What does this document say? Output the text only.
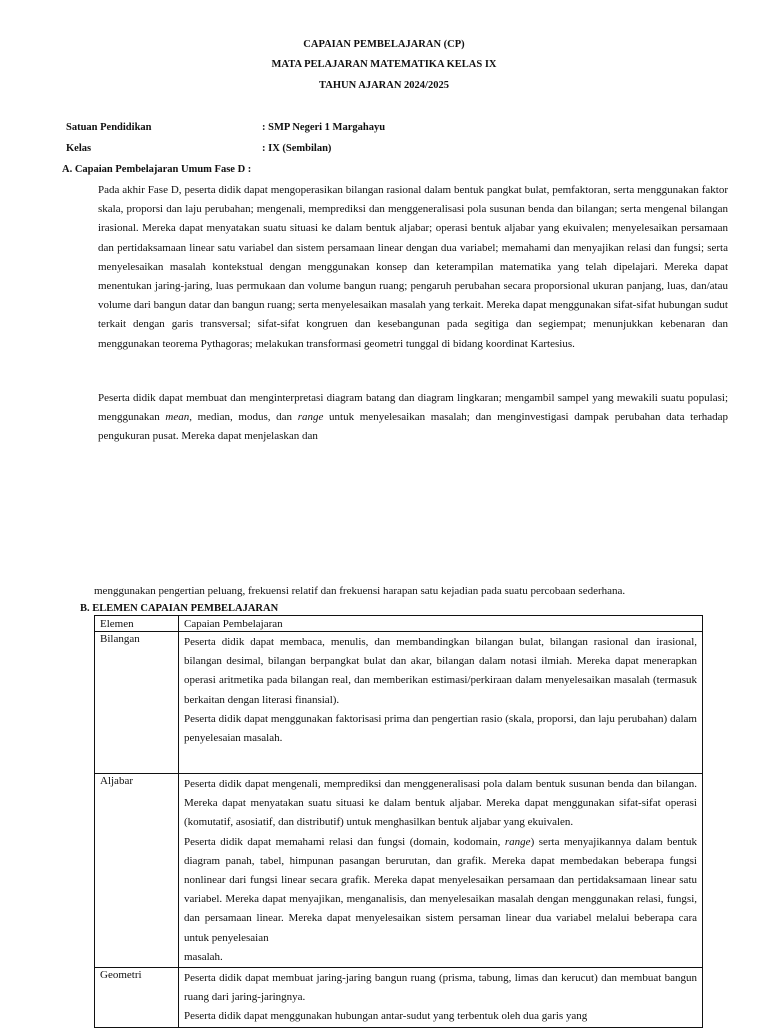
CAPAIAN PEMBELAJARAN (CP)
MATA PELAJARAN MATEMATIKA KELAS IX
TAHUN AJARAN 2024/2025
Satuan Pendidikan	: SMP Negeri 1 Margahayu
Kelas	: IX (Sembilan)
A. Capaian Pembelajaran Umum Fase D :
Pada akhir Fase D, peserta didik dapat mengoperasikan bilangan rasional dalam bentuk pangkat bulat, pemfaktoran, serta menggunakan faktor skala, proporsi dan laju perubahan; mengenali, memprediksi dan menggeneralisasi pola susunan benda dan bilangan; serta mengenal bilangan irasional. Mereka dapat menyatakan suatu situasi ke dalam bentuk aljabar; operasi bentuk aljabar yang ekuivalen; menyelesaikan persamaan dan pertidaksamaan linear satu variabel dan sistem persamaan linear dengan dua variabel; memahami dan menyajikan relasi dan fungsi; serta menyelesaikan masalah kontekstual dengan menggunakan konsep dan keterampilan matematika yang telah dipelajari. Mereka dapat menentukan jaring-jaring, luas permukaan dan volume bangun ruang; pengaruh perubahan secara proporsional ukuran panjang, luas, dan/atau volume dari bangun datar dan bangun ruang; serta menyelesaikan masalah yang terkait. Mereka dapat menggunakan sifat-sifat hubungan sudut terkait dengan garis transversal; sifat-sifat kongruen dan kesebangunan pada segitiga dan segiempat; menunjukkan kebenaran dan menggunakan teorema Pythagoras; melakukan transformasi geometri tunggal di bidang koordinat Kartesius.
Peserta didik dapat membuat dan menginterpretasi diagram batang dan diagram lingkaran; mengambil sampel yang mewakili suatu populasi; menggunakan mean, median, modus, dan range untuk menyelesaikan masalah; dan menginvestigasi dampak perubahan data terhadap pengukuran pusat. Mereka dapat menjelaskan dan
menggunakan pengertian peluang, frekuensi relatif dan frekuensi harapan satu kejadian pada suatu percobaan sederhana.
B. ELEMEN CAPAIAN PEMBELAJARAN
Elemen	Capaian Pembelajaran
Bilangan	Peserta didik dapat membaca, menulis, dan membandingkan bilangan bulat, bilangan rasional dan irasional, bilangan desimal, bilangan berpangkat bulat dan akar, bilangan dalam notasi ilmiah. Mereka dapat menerapkan operasi aritmetika pada bilangan real, dan memberikan estimasi/perkiraan dalam menyelesaikan masalah (termasuk berkaitan dengan literasi finansial).

Peserta didik dapat menggunakan faktorisasi prima dan pengertian rasio (skala, proporsi, dan laju perubahan) dalam penyelesaian masalah.

Aljabar	Peserta didik dapat mengenali, memprediksi dan menggeneralisasi pola dalam bentuk susunan benda dan bilangan. Mereka dapat menyatakan suatu situasi ke dalam bentuk aljabar. Mereka dapat menggunakan sifat-sifat operasi (komutatif, asosiatif, dan distributif) untuk menghasilkan bentuk aljabar yang ekuivalen.

Peserta didik dapat memahami relasi dan fungsi (domain, kodomain, range) serta menyajikannya dalam bentuk diagram panah, tabel, himpunan pasangan berurutan, dan grafik. Mereka dapat membedakan beberapa fungsi nonlinear dari fungsi linear secara grafik. Mereka dapat menyelesaikan persamaan dan pertidaksamaan linear satu variabel. Mereka dapat menyajikan, menganalisis, dan menyelesaikan masalah dengan menggunakan relasi, fungsi, dan persamaan linear. Mereka dapat menyelesaikan sistem persaman linear dua variabel melalui beberapa cara untuk penyelesaian

masalah.

Geometri	Peserta didik dapat membuat jaring-jaring bangun ruang (prisma, tabung, limas dan kerucut) dan membuat bangun ruang dari jaring-jaringnya.

Peserta didik dapat menggunakan hubungan antar-sudut yang terbentuk oleh dua garis yang
